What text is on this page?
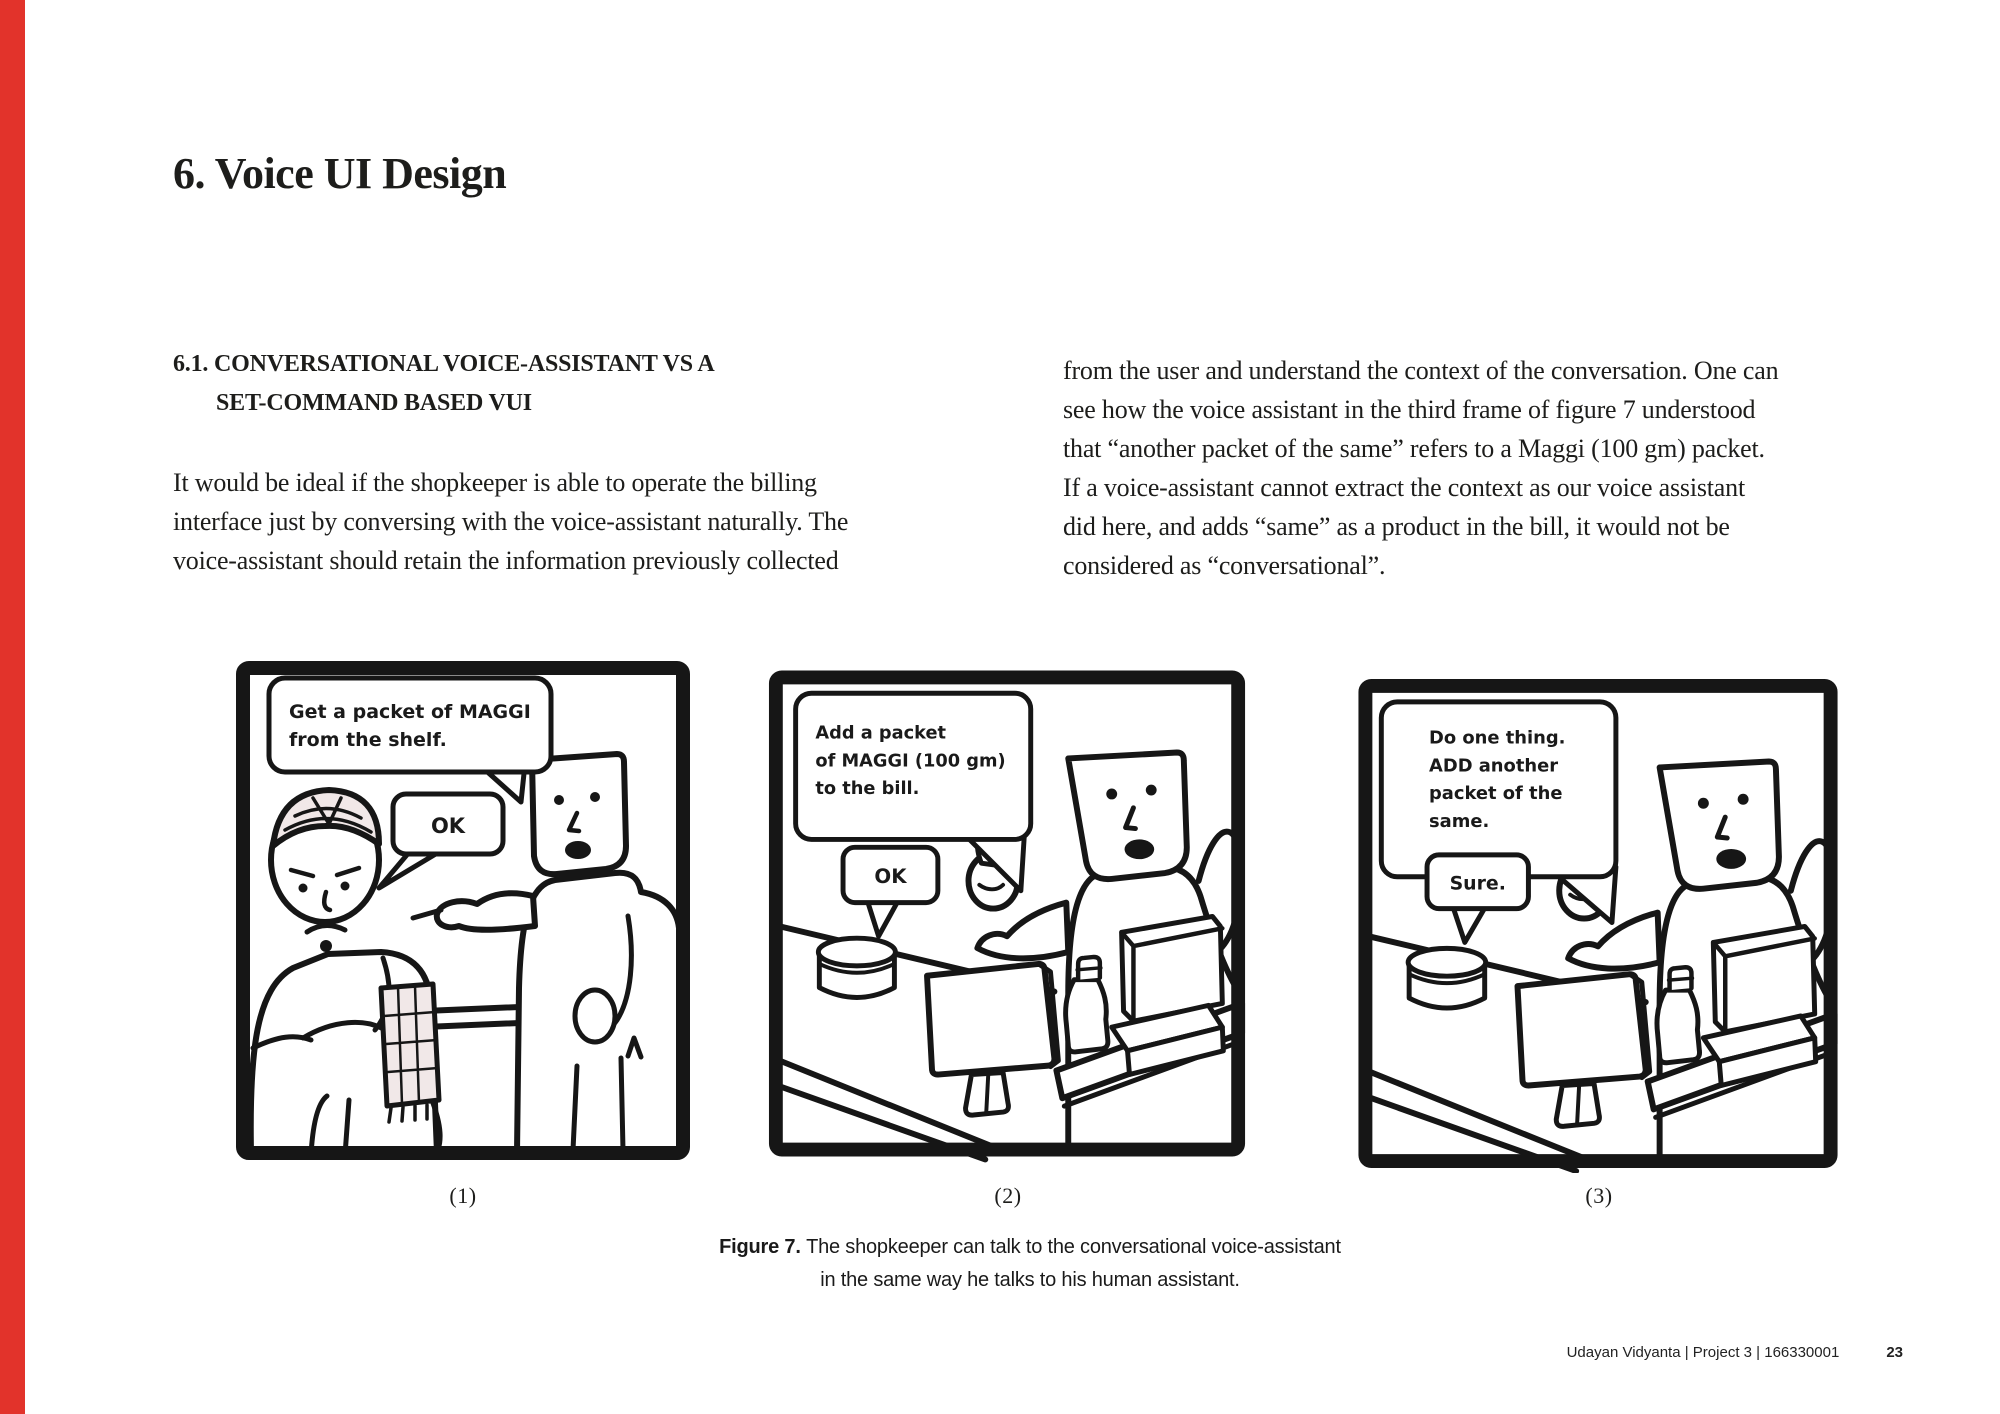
6. Voice UI Design
6.1. CONVERSATIONAL VOICE-ASSISTANT VS A
SET-COMMAND BASED VUI
It would be ideal if the shopkeeper is able to operate the billing
interface just by conversing with the voice-assistant naturally. The
voice-assistant should retain the information previously collected
from the user and understand the context of the conversation. One can
see how the voice assistant in the third frame of figure 7 understood
that “another packet of the same” refers to a Maggi (100 gm) packet.
If a voice-assistant cannot extract the context as our voice assistant
did here, and adds “same” as a product in the bill, it would not be
considered as “conversational”.
Get a packet of MAGGI
from the shelf.
OK
Add a packet
of MAGGI (100 gm)
to the bill.
OK
Do one thing.
ADD another
packet of the
same.
Sure.
(1)	(2)	(3)
Figure 7. The shopkeeper can talk to the conversational voice-assistant
in the same way he talks to his human assistant.
Udayan Vidyanta | Project 3 | 166330001	23
